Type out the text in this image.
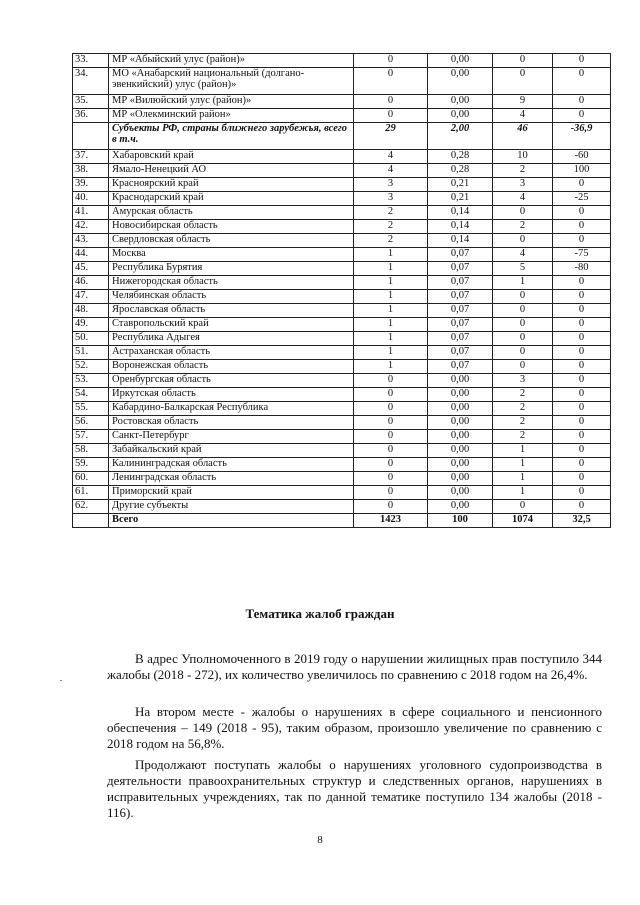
33.	МР «Абыйский улус (район)»	0	0,00	0	0
34.	МО «Анабарский национальный (долгано-эвенкийский) улус (район)»	0	0,00	0	0
35.	МР «Вилюйский улус (район)»	0	0,00	9	0
36.	МР «Олекминский район»	0	0,00	4	0
	Субъекты РФ, страны ближнего зарубежья, всего в т.ч.	29	2,00	46	-36,9
37.	Хабаровский край	4	0,28	10	-60
38.	Ямало-Ненецкий АО	4	0,28	2	100
39.	Красноярский край	3	0,21	3	0
40.	Краснодарский край	3	0,21	4	-25
41.	Амурская область	2	0,14	0	0
42.	Новосибирская область	2	0,14	2	0
43.	Свердловская область	2	0,14	0	0
44.	Москва	1	0,07	4	-75
45.	Республика Бурятия	1	0,07	5	-80
46.	Нижегородская область	1	0,07	1	0
47.	Челябинская область	1	0,07	0	0
48.	Ярославская область	1	0,07	0	0
49.	Ставропольский край	1	0,07	0	0
50.	Республика Адыгея	1	0,07	0	0
51.	Астраханская область	1	0,07	0	0
52.	Воронежская область	1	0,07	0	0
53.	Оренбургская область	0	0,00	3	0
54.	Иркутская область	0	0,00	2	0
55.	Кабардино-Балкарская Республика	0	0,00	2	0
56.	Ростовская область	0	0,00	2	0
57.	Санкт-Петербург	0	0,00	2	0
58.	Забайкальский край	0	0,00	1	0
59.	Калининградская область	0	0,00	1	0
60.	Ленинградская область	0	0,00	1	0
61.	Приморский край	0	0,00	1	0
62.	Другие субъекты	0	0,00	0	0
	Всего	1423	100	1074	32,5
Тематика жалоб граждан

В адрес Уполномоченного в 2019 году о нарушении жилищных прав поступило 344 жалобы (2018 - 272), их количество увеличилось по сравнению с 2018 годом на 26,4%.

На втором месте - жалобы о нарушениях в сфере социального и пенсионного обеспечения – 149 (2018 - 95), таким образом, произошло увеличение по сравнению с 2018 годом на 56,8%.

Продолжают поступать жалобы о нарушениях уголовного судопроизводства в деятельности правоохранительных структур и следственных органов, нарушениях в исправительных учреждениях, так по данной тематике поступило 134 жалобы (2018 - 116).

8
